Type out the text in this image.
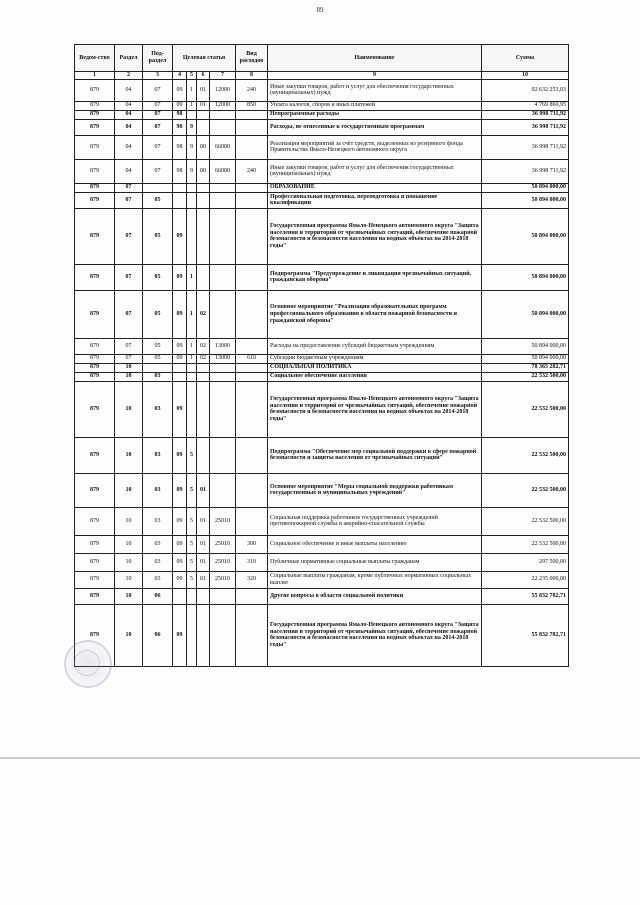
89
Ведом-ство	Раздел	Под-раздел	Целевая статья				Вид расходов	Наименование	Сумма
1	2	3	4	5	6	7	8	9	10
879	04	07	09	1	01	12000	240	Иные закупки товаров, работ и услуг для обеспечения государственных (муниципальных) нужд	92 632 253,03
879	04	07	09	1	01	12000	850	Уплата налогов, сборов и иных платежей	4 769 860,95
879	04	07	98					Непрограммные расходы	36 998 711,92
879	04	07	98	9				Расходы, не отнесенные к государственным программам	36 998 711,92
879	04	07	98	9	00	66000		Реализация мероприятий за счёт средств, выделенных из резервного фонда Правительства Ямало-Ненецкого автономного округа	36 998 711,92
879	04	07	98	9	00	66000	240	Иные закупки товаров, работ и услуг для обеспечения государственных (муниципальных) нужд	36 998 711,92
879	07							ОБРАЗОВАНИЕ	50 894 000,00
879	07	05						Профессиональная подготовка, переподготовка и повышение квалификации	50 894 000,00
879	07	05	09					Государственная программа Ямало-Ненецкого автономного округа "Защита населения и территорий от чрезвычайных ситуаций, обеспечение пожарной безопасности и безопасности населения на водных объектах на 2014-2018 годы"	50 894 000,00
879	07	05	09	1				Подпрограмма "Предупреждение и ликвидация чрезвычайных ситуаций, гражданская оборона"	50 894 000,00
879	07	05	09	1	02			Основное мероприятие "Реализация образовательных программ профессионального образования в области пожарной безопасности и гражданской обороны"	50 894 000,00
879	07	05	09	1	02	13000		Расходы на предоставление субсидий бюджетным учреждениям	50 894 000,00
879	07	05	09	1	02	13000	610	Субсидии бюджетным учреждениям	50 894 000,00
879	10							СОЦИАЛЬНАЯ ПОЛИТИКА	78 365 282,71
879	10	03						Социальное обеспечение населения	22 532 500,00
879	10	03	09					Государственная программа Ямало-Ненецкого автономного округа "Защита населения и территорий от чрезвычайных ситуаций, обеспечение пожарной безопасности и безопасности населения на водных объектах на 2014-2018 годы"	22 532 500,00
879	10	03	09	5				Подпрограмма "Обеспечение мер социальной поддержки в сфере пожарной безопасности и защиты населения от чрезвычайных ситуаций"	22 532 500,00
879	10	03	09	5	01			Основное мероприятие "Меры социальной поддержки работникам государственных и муниципальных учреждений"	22 532 500,00
879	10	03	09	5	01	25010		Социальная поддержка работников государственных учреждений противопожарной службы и аварийно-спасательной службы	22 532 500,00
879	10	03	09	5	01	25010	300	Социальное обеспечение и иные выплаты населению	22 532 500,00
879	10	03	09	5	01	25010	310	Публичные нормативные социальные выплаты гражданам	297 500,00
879	10	03	09	5	01	25010	320	Социальные выплаты гражданам, кроме публичных нормативных социальных выплат	22 235 000,00
879	10	06						Другие вопросы в области социальной политики	55 832 782,71
879	10	06	09					Государственная программа Ямало-Ненецкого автономного округа "Защита населения и территорий от чрезвычайных ситуаций, обеспечение пожарной безопасности и безопасности населения на водных объектах на 2014-2018 годы"	55 832 782,71
